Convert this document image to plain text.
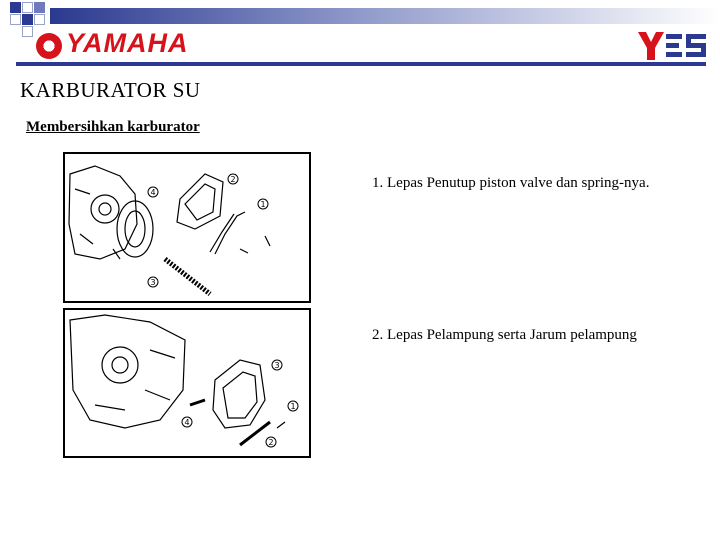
YAMAHA
KARBURATOR SU
Membersihkan karburator
4
2
1
3
3
1
4
2
1. Lepas Penutup piston valve dan spring-nya.
2. Lepas Pelampung serta Jarum pelampung
